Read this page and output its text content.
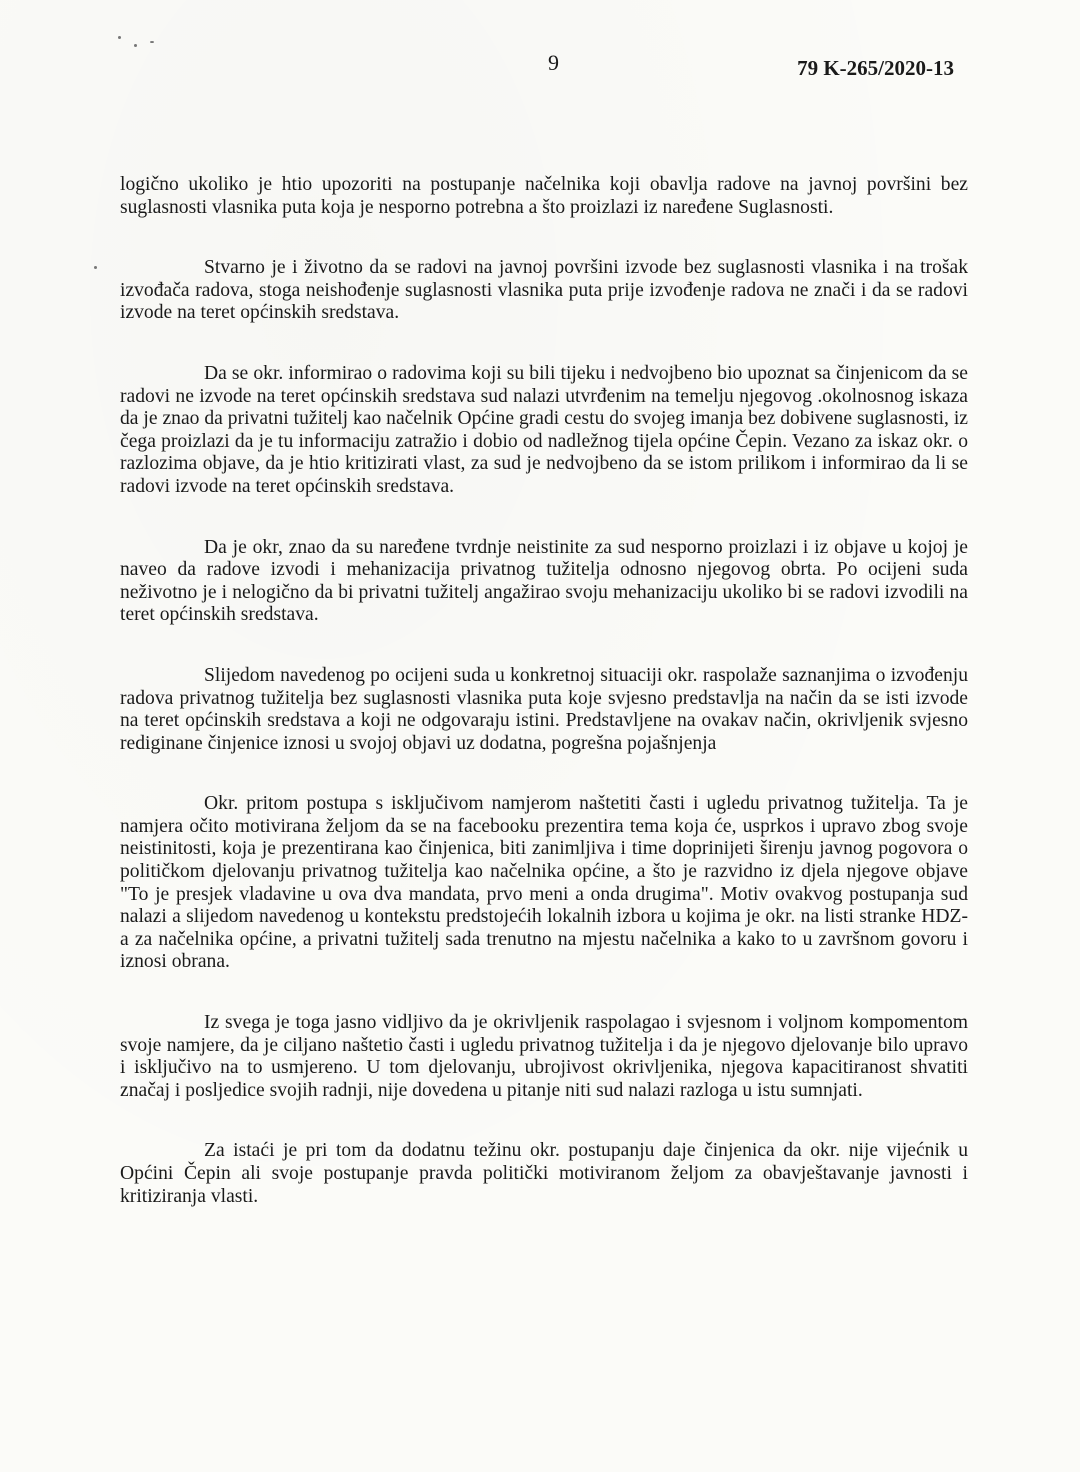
9	79 K-265/2020-13

logično ukoliko je htio upozoriti na postupanje načelnika koji obavlja radove na javnoj površini bez suglasnosti vlasnika puta koja je nesporno potrebna a što proizlazi iz naređene Suglasnosti.

Stvarno je i životno da se radovi na javnoj površini izvode bez suglasnosti vlasnika i na trošak izvođača radova, stoga neishođenje suglasnosti vlasnika puta prije izvođenje radova ne znači i da se radovi izvode na teret općinskih sredstava.

Da se okr. informirao o radovima koji su bili tijeku i nedvojbeno bio upoznat sa činjenicom da se radovi ne izvode na teret općinskih sredstava sud nalazi utvrđenim na temelju njegovog .okolnosnog iskaza da je znao da privatni tužitelj kao načelnik Općine gradi cestu do svojeg imanja bez dobivene suglasnosti, iz čega proizlazi da je tu informaciju zatražio i dobio od nadležnog tijela općine Čepin. Vezano za iskaz okr. o razlozima objave, da je htio kritizirati vlast, za sud je nedvojbeno da se istom prilikom i informirao da li se radovi izvode na teret općinskih sredstava.

Da je okr, znao da su naređene tvrdnje neistinite za sud nesporno proizlazi i iz objave u kojoj je naveo da radove izvodi i mehanizacija privatnog tužitelja odnosno njegovog obrta. Po ocijeni suda neživotno je i nelogično da bi privatni tužitelj angažirao svoju mehanizaciju ukoliko bi se radovi izvodili na teret općinskih sredstava.

Slijedom navedenog po ocijeni suda u konkretnoj situaciji okr. raspolaže saznanjima o izvođenju radova privatnog tužitelja bez suglasnosti vlasnika puta koje svjesno predstavlja na način da se isti izvode na teret općinskih sredstava a koji ne odgovaraju istini. Predstavljene na ovakav način, okrivljenik svjesno rediginane činjenice iznosi u svojoj objavi uz dodatna, pogrešna pojašnjenja

Okr. pritom postupa s isključivom namjerom naštetiti časti i ugledu privatnog tužitelja. Ta je namjera očito motivirana željom da se na facebooku prezentira tema koja će, usprkos i upravo zbog svoje neistinitosti, koja je prezentirana kao činjenica, biti zanimljiva i time doprinijeti širenju javnog pogovora o političkom djelovanju privatnog tužitelja kao načelnika općine, a što je razvidno iz djela njegove objave "To je presjek vladavine u ova dva mandata, prvo meni a onda drugima". Motiv ovakvog postupanja sud nalazi a slijedom navedenog u kontekstu predstojećih lokalnih izbora u kojima je okr. na listi stranke HDZ-a za načelnika općine, a privatni tužitelj sada trenutno na mjestu načelnika a kako to u završnom govoru i iznosi obrana.

Iz svega je toga jasno vidljivo da je okrivljenik raspolagao i svjesnom i voljnom kompomentom svoje namjere, da je ciljano naštetio časti i ugledu privatnog tužitelja i da je njegovo djelovanje bilo upravo i isključivo na to usmjereno. U tom djelovanju, ubrojivost okrivljenika, njegova kapacitiranost shvatiti značaj i posljedice svojih radnji, nije dovedena u pitanje niti sud nalazi razloga u istu sumnjati.

Za istaći je pri tom da dodatnu težinu okr. postupanju daje činjenica da okr. nije vijećnik u Općini Čepin ali svoje postupanje pravda politički motiviranom željom za obavještavanje javnosti i kritiziranja vlasti.
